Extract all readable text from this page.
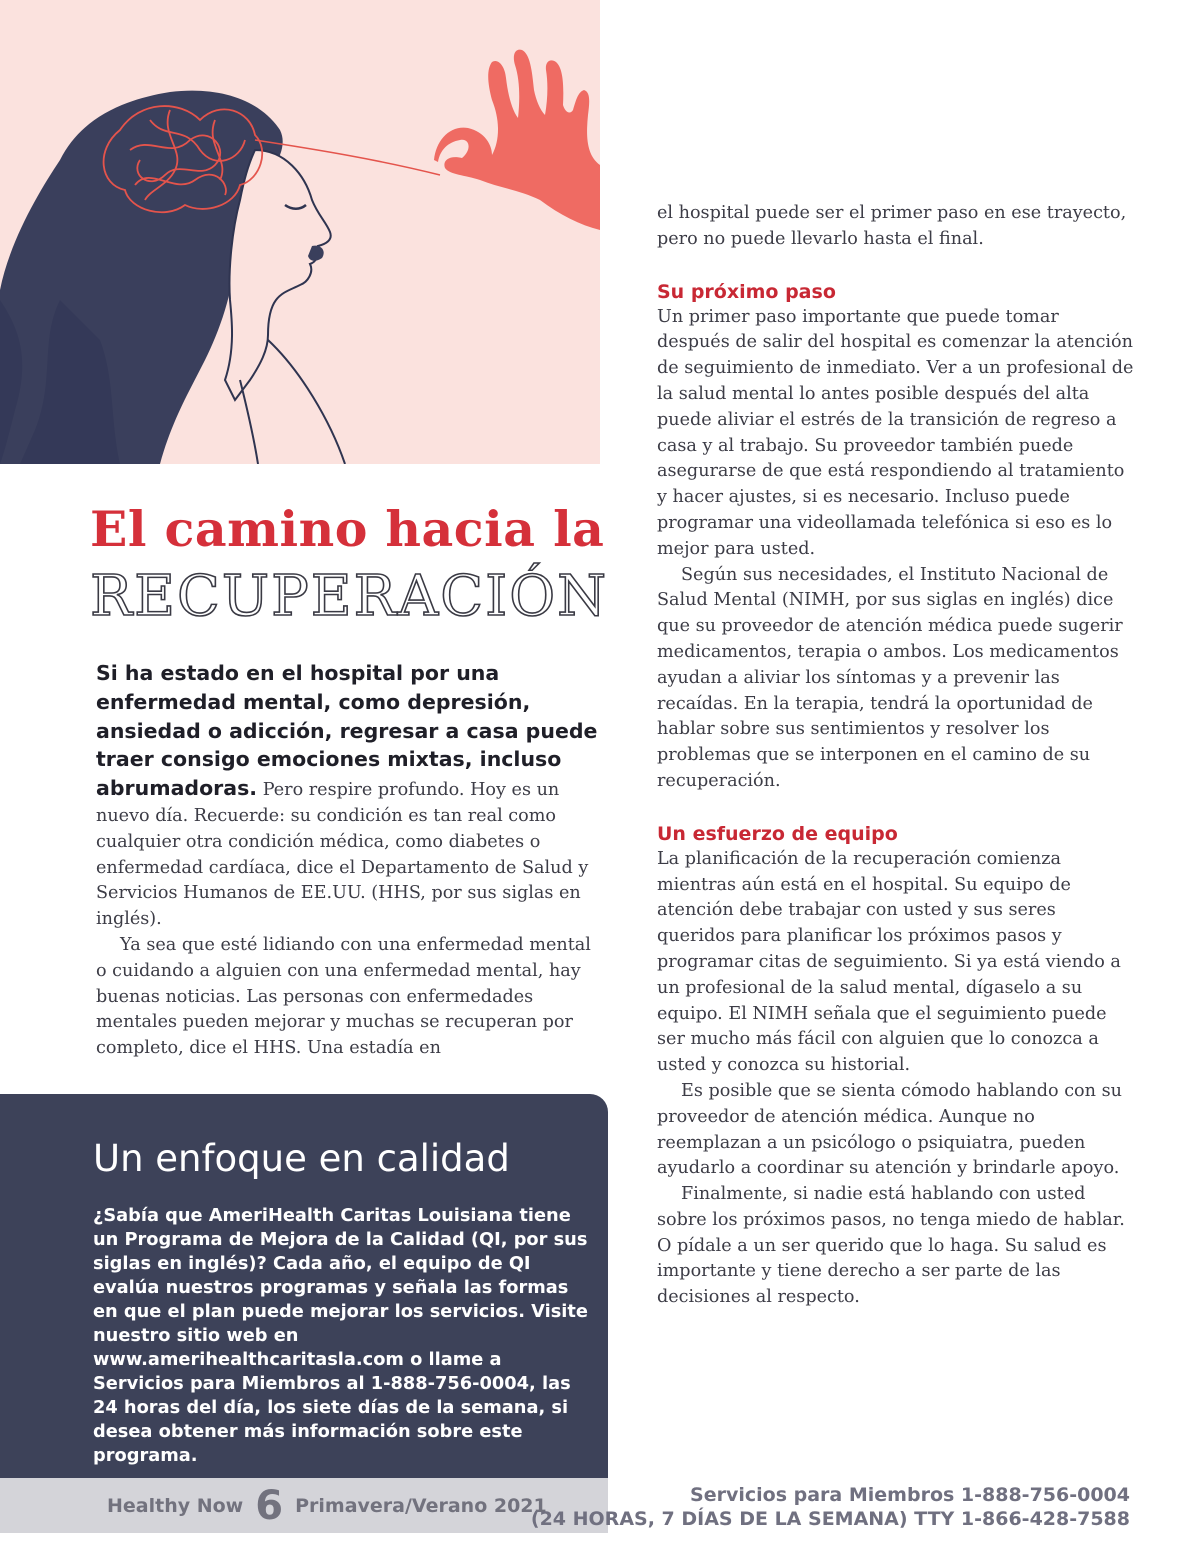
El camino hacia la
RECUPERACIÓN

Si ha estado en el hospital por una enfermedad mental, como depresión, ansiedad o adicción, regresar a casa puede traer consigo emociones mixtas, incluso abrumadoras. Pero respire profundo. Hoy es un nuevo día. Recuerde: su condición es tan real como cualquier otra condición médica, como diabetes o enfermedad cardíaca, dice el Departamento de Salud y Servicios Humanos de EE.UU. (HHS, por sus siglas en inglés).

Ya sea que esté lidiando con una enfermedad mental o cuidando a alguien con una enfermedad mental, hay buenas noticias. Las personas con enfermedades mentales pueden mejorar y muchas se recuperan por completo, dice el HHS. Una estadía en

el hospital puede ser el primer paso en ese trayecto, pero no puede llevarlo hasta el final.

Su próximo paso

Un primer paso importante que puede tomar después de salir del hospital es comenzar la atención de seguimiento de inmediato. Ver a un profesional de la salud mental lo antes posible después del alta puede aliviar el estrés de la transición de regreso a casa y al trabajo. Su proveedor también puede asegurarse de que está respondiendo al tratamiento y hacer ajustes, si es necesario. Incluso puede programar una videollamada telefónica si eso es lo mejor para usted.

Según sus necesidades, el Instituto Nacional de Salud Mental (NIMH, por sus siglas en inglés) dice que su proveedor de atención médica puede sugerir medicamentos, terapia o ambos. Los medicamentos ayudan a aliviar los síntomas y a prevenir las recaídas. En la terapia, tendrá la oportunidad de hablar sobre sus sentimientos y resolver los problemas que se interponen en el camino de su recuperación.

Un esfuerzo de equipo

La planificación de la recuperación comienza mientras aún está en el hospital. Su equipo de atención debe trabajar con usted y sus seres queridos para planificar los próximos pasos y programar citas de seguimiento. Si ya está viendo a un profesional de la salud mental, dígaselo a su equipo. El NIMH señala que el seguimiento puede ser mucho más fácil con alguien que lo conozca a usted y conozca su historial.

Es posible que se sienta cómodo hablando con su proveedor de atención médica. Aunque no reemplazan a un psicólogo o psiquiatra, pueden ayudarlo a coordinar su atención y brindarle apoyo.

Finalmente, si nadie está hablando con usted sobre los próximos pasos, no tenga miedo de hablar. O pídale a un ser querido que lo haga. Su salud es importante y tiene derecho a ser parte de las decisiones al respecto.

Un enfoque en calidad

¿Sabía que AmeriHealth Caritas Louisiana tiene un Programa de Mejora de la Calidad (QI, por sus siglas en inglés)? Cada año, el equipo de QI evalúa nuestros programas y señala las formas en que el plan puede mejorar los servicios. Visite nuestro sitio web en www.amerihealthcaritasla.com o llame a Servicios para Miembros al 1-888-756-0004, las 24 horas del día, los siete días de la semana, si desea obtener más información sobre este programa.

Healthy Now 6 Primavera/Verano 2021	Servicios para Miembros 1-888-756-0004
(24 HORAS, 7 DÍAS DE LA SEMANA) TTY 1-866-428-7588
